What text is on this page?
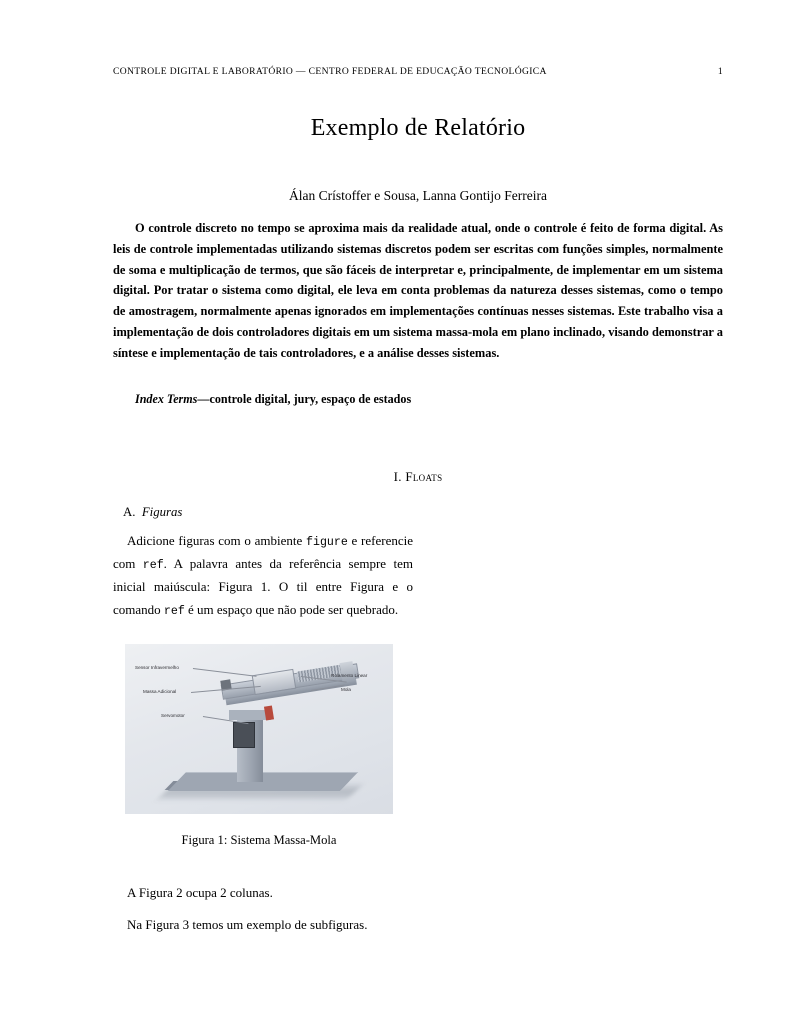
CONTROLE DIGITAL E LABORATÓRIO — CENTRO FEDERAL DE EDUCAÇÃO TECNOLÓGICA	1
Exemplo de Relatório
Álan Crístoffer e Sousa, Lanna Gontijo Ferreira
O controle discreto no tempo se aproxima mais da realidade atual, onde o controle é feito de forma digital. As leis de controle implementadas utilizando sistemas discretos podem ser escritas com funções simples, normalmente de soma e multiplicação de termos, que são fáceis de interpretar e, principalmente, de implementar em um sistema digital. Por tratar o sistema como digital, ele leva em conta problemas da natureza desses sistemas, como o tempo de amostragem, normalmente apenas ignorados em implementações contínuas nesses sistemas. Este trabalho visa a implementação de dois controladores digitais em um sistema massa-mola em plano inclinado, visando demonstrar a síntese e implementação de tais controladores, e a análise desses sistemas.
Index Terms—controle digital, jury, espaço de estados
I. Floats
A. Figuras

Adicione figuras com o ambiente figure e referencie com ref. A palavra antes da referência sempre tem inicial maiúscula: Figura 1. O til entre Figura e o comando ref é um espaço que não pode ser quebrado.

Sensor Infravermelho
Massa Adicional
Servomotor
Rolamento Linear
Mola
Figura 1: Sistema Massa-Mola

A Figura 2 ocupa 2 colunas.

Na Figura 3 temos um exemplo de subfiguras.
